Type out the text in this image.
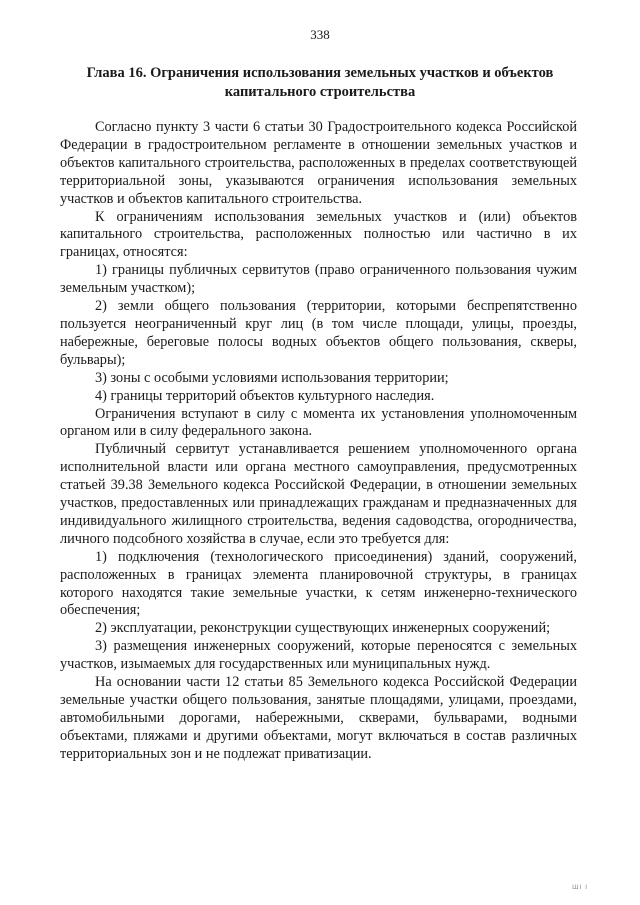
338
Глава 16. Ограничения использования земельных участков и объектов капитального строительства

Согласно пункту 3 части 6 статьи 30 Градостроительного кодекса Российской Федерации в градостроительном регламенте в отношении земельных участков и объектов капитального строительства, расположенных в пределах соответствующей территориальной зоны, указываются ограничения использования земельных участков и объектов капитального строительства.

К ограничениям использования земельных участков и (или) объектов капитального строительства, расположенных полностью или частично в их границах, относятся:

1) границы публичных сервитутов (право ограниченного пользования чужим земельным участком);

2) земли общего пользования (территории, которыми беспрепятственно пользуется неограниченный круг лиц (в том числе площади, улицы, проезды, набережные, береговые полосы водных объектов общего пользования, скверы, бульвары);

3) зоны с особыми условиями использования территории;

4) границы территорий объектов культурного наследия.

Ограничения вступают в силу с момента их установления уполномоченным органом или в силу федерального закона.

Публичный сервитут устанавливается решением уполномоченного органа исполнительной власти или органа местного самоуправления, предусмотренных статьей 39.38 Земельного кодекса Российской Федерации, в отношении земельных участков, предоставленных или принадлежащих гражданам и предназначенных для индивидуального жилищного строительства, ведения садоводства, огородничества, личного подсобного хозяйства в случае, если это требуется для:

1) подключения (технологического присоединения) зданий, сооружений, расположенных в границах элемента планировочной структуры, в границах которого находятся такие земельные участки, к сетям инженерно-технического обеспечения;

2) эксплуатации, реконструкции существующих инженерных сооружений;

3) размещения инженерных сооружений, которые переносятся с земельных участков, изымаемых для государственных или муниципальных нужд.

На основании части 12 статьи 85 Земельного кодекса Российской Федерации земельные участки общего пользования, занятые площадями, улицами, проездами, автомобильными дорогами, набережными, скверами, бульварами, водными объектами, пляжами и другими объектами, могут включаться в состав различных территориальных зон и не подлежат приватизации.

ШІ І
